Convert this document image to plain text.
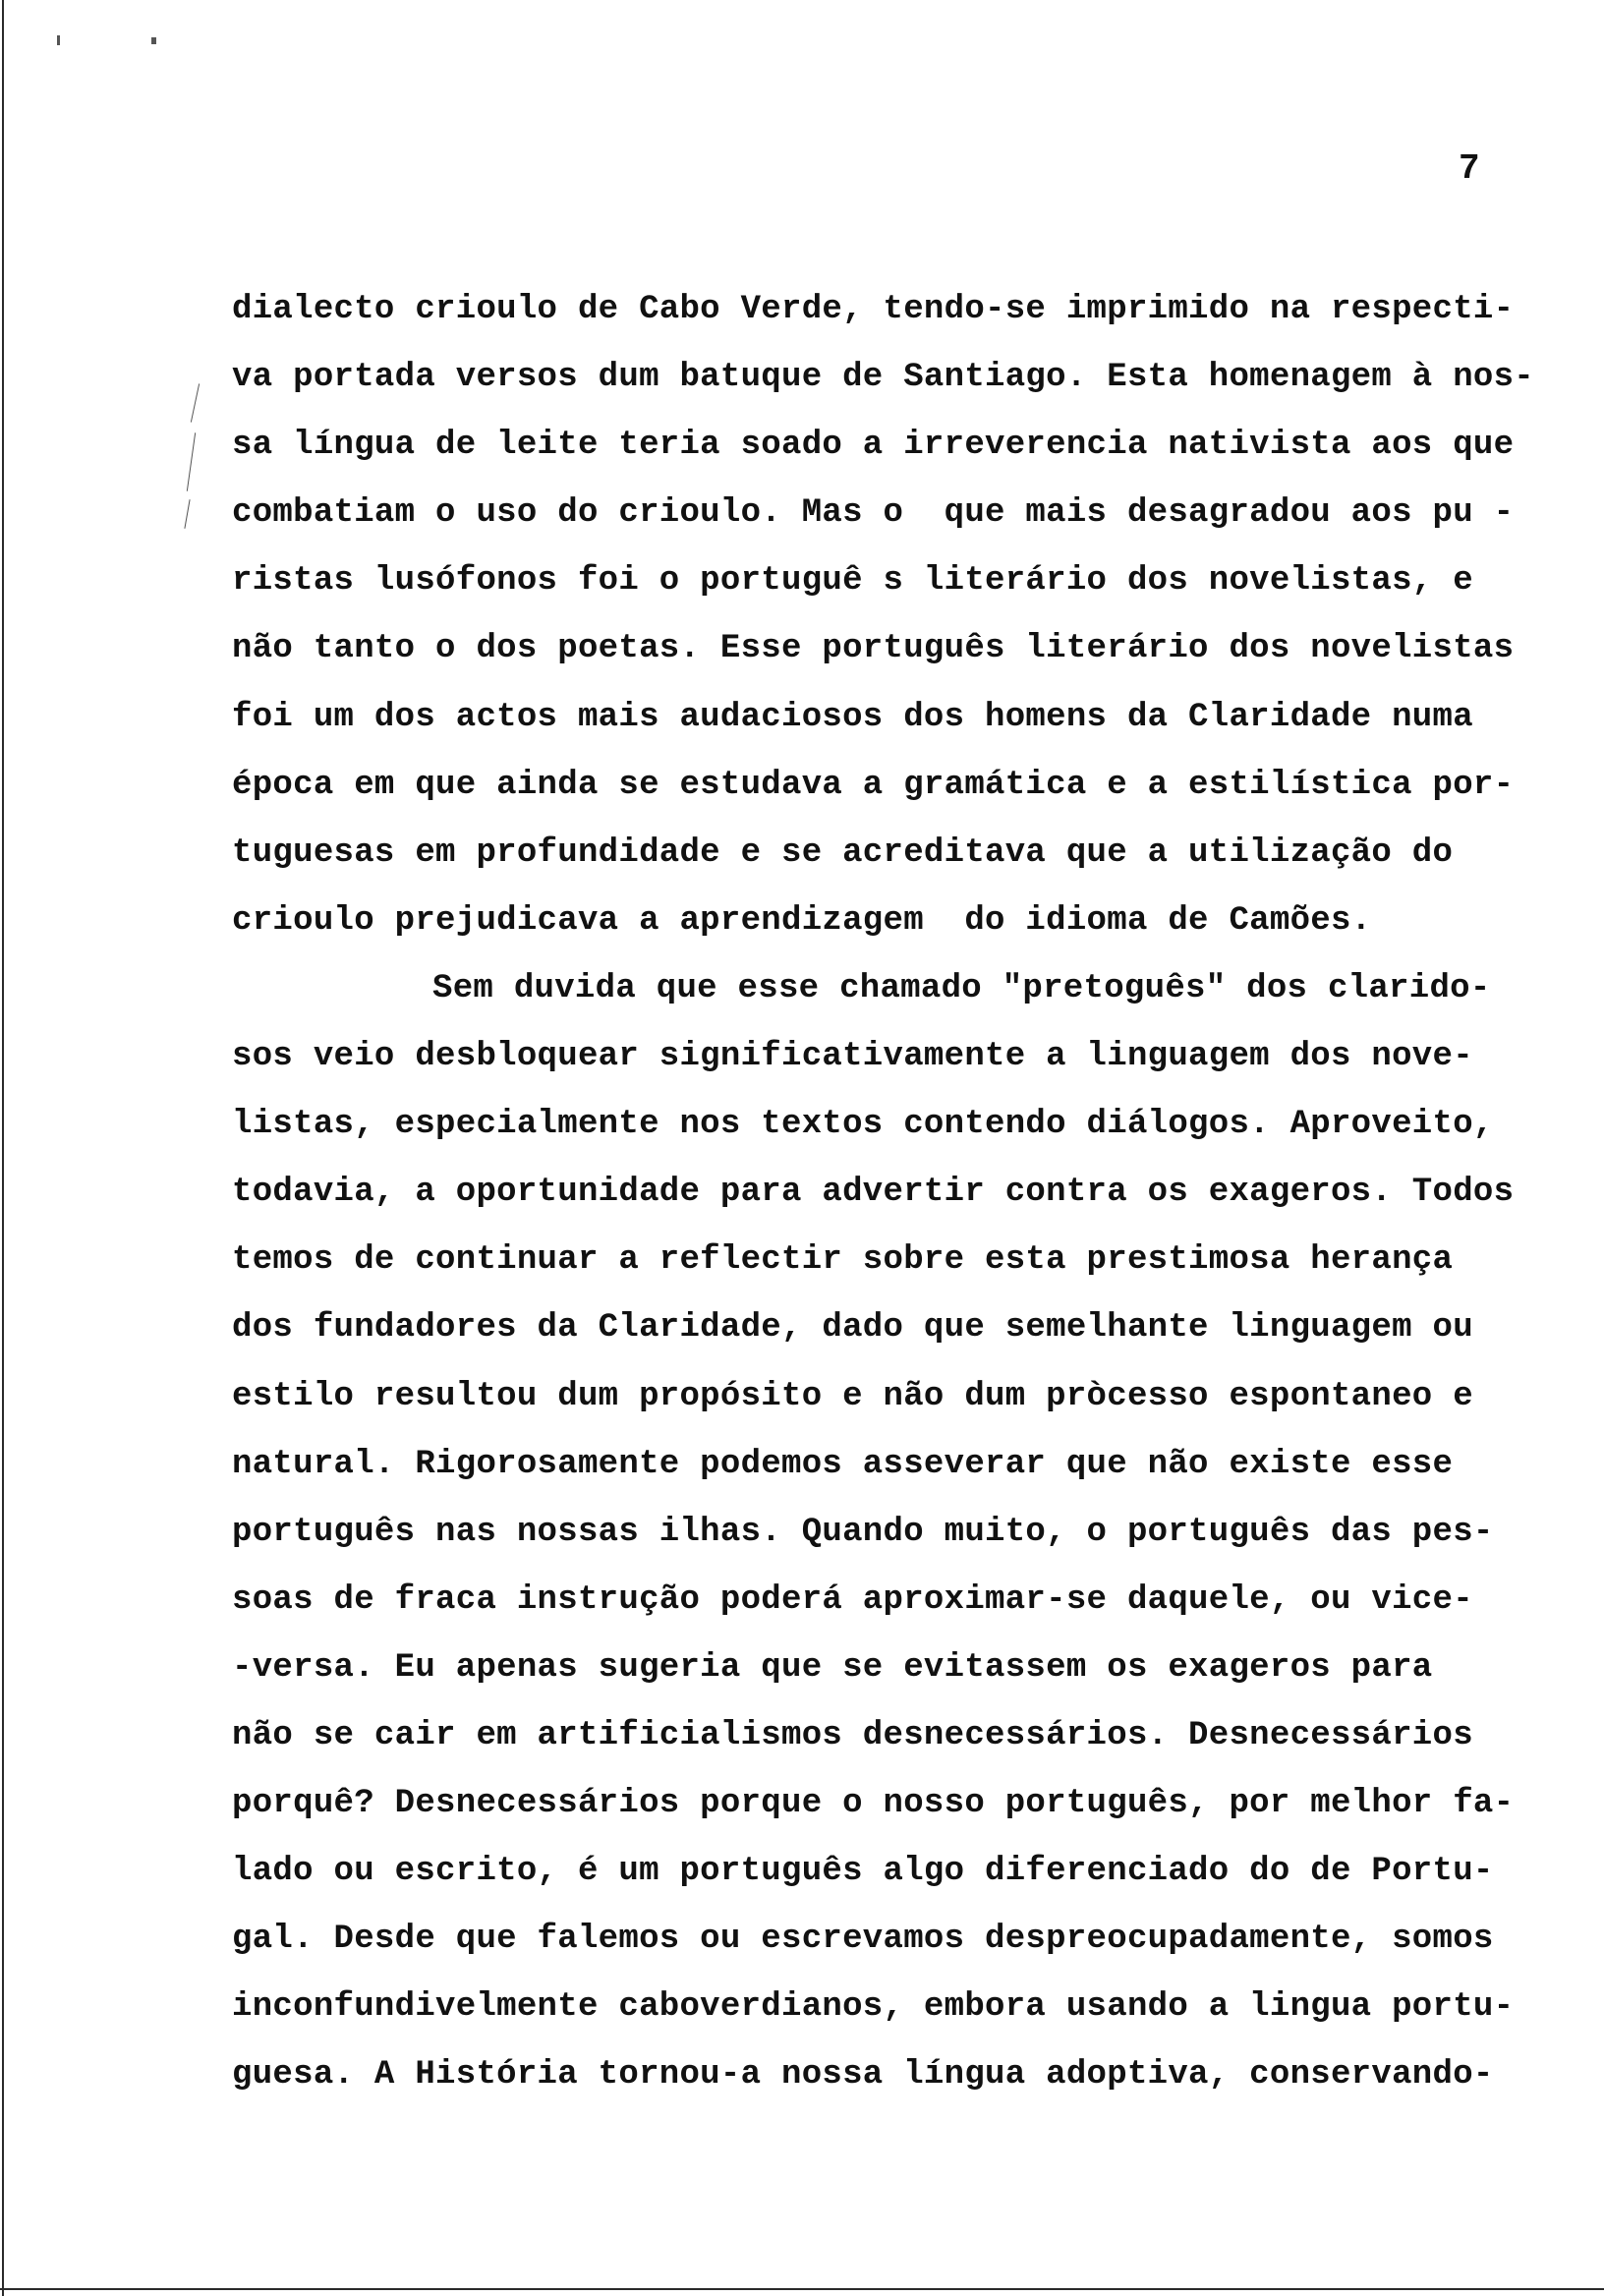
7
dialecto crioulo de Cabo Verde, tendo-se imprimido na respecti-
va portada versos dum batuque de Santiago. Esta homenagem à nos-
sa língua de leite teria soado a irreverencia nativista aos que
combatiam o uso do crioulo. Mas o  que mais desagradou aos pu -
ristas lusófonos foi o portuguê s literário dos novelistas, e
não tanto o dos poetas. Esse português literário dos novelistas
foi um dos actos mais audaciosos dos homens da Claridade numa
época em que ainda se estudava a gramática e a estilística por-
tuguesas em profundidade e se acreditava que a utilização do
crioulo prejudicava a aprendizagem  do idioma de Camões.
Sem duvida que esse chamado "pretoguês" dos clarido-
sos veio desbloquear significativamente a linguagem dos nove-
listas, especialmente nos textos contendo diálogos. Aproveito,
todavia, a oportunidade para advertir contra os exageros. Todos
temos de continuar a reflectir sobre esta prestimosa herança
dos fundadores da Claridade, dado que semelhante linguagem ou
estilo resultou dum propósito e não dum pròcesso espontaneo e
natural. Rigorosamente podemos asseverar que não existe esse
português nas nossas ilhas. Quando muito, o português das pes-
soas de fraca instrução poderá aproximar-se daquele, ou vice-
-versa. Eu apenas sugeria que se evitassem os exageros para
não se cair em artificialismos desnecessários. Desnecessários
porquê? Desnecessários porque o nosso português, por melhor fa-
lado ou escrito, é um português algo diferenciado do de Portu-
gal. Desde que falemos ou escrevamos despreocupadamente, somos
inconfundivelmente caboverdianos, embora usando a lingua portu-
guesa. A História tornou-a nossa língua adoptiva, conservando-
